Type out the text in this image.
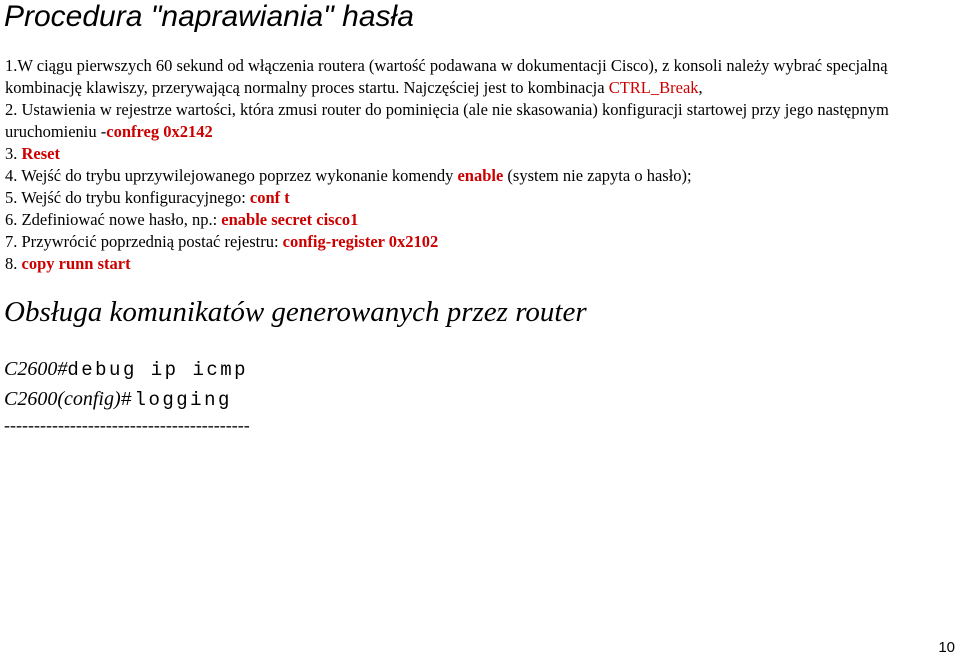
Procedura "naprawiania" hasła

1.W ciągu pierwszych 60 sekund od włączenia routera (wartość podawana w dokumentacji Cisco), z konsoli należy wybrać specjalną kombinację klawiszy, przerywającą normalny proces startu. Najczęściej jest to kombinacja CTRL_Break,

2. Ustawienia w rejestrze wartości, która zmusi router do pominięcia (ale nie skasowania) konfiguracji startowej przy jego następnym uruchomieniu -confreg 0x2142

3. Reset

4. Wejść do trybu uprzywilejowanego poprzez wykonanie komendy enable (system nie zapyta o hasło);

5. Wejść do trybu konfiguracyjnego: conf t

6. Zdefiniować nowe hasło, np.: enable secret cisco1

7. Przywrócić poprzednią postać rejestru: config-register 0x2102

8. copy runn start

Obsługa komunikatów generowanych przez router
C2600#debug ip icmp
C2600(config)#logging
-----------------------------------------
10
